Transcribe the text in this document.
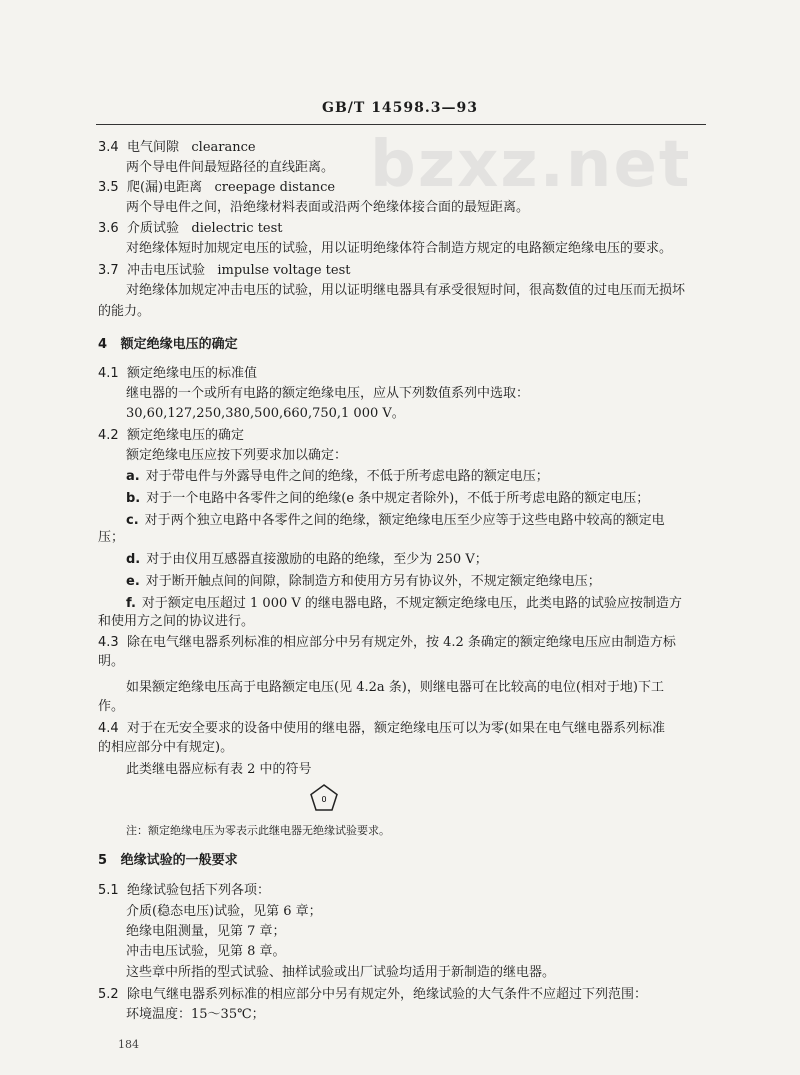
GB/T 14598.3—93
bzxz.net
3.4 电气间隙 clearance
两个导电件间最短路径的直线距离。
3.5 爬(漏)电距离 creepage distance
两个导电件之间，沿绝缘材料表面或沿两个绝缘体接合面的最短距离。
3.6 介质试验 dielectric test
对绝缘体短时加规定电压的试验，用以证明绝缘体符合制造方规定的电路额定绝缘电压的要求。
3.7 冲击电压试验 impulse voltage test
对绝缘体加规定冲击电压的试验，用以证明继电器具有承受很短时间，很高数值的过电压而无损坏
的能力。
4 额定绝缘电压的确定
4.1 额定绝缘电压的标准值
继电器的一个或所有电路的额定绝缘电压，应从下列数值系列中选取：
30,60,127,250,380,500,660,750,1 000 V。
4.2 额定绝缘电压的确定
额定绝缘电压应按下列要求加以确定：
a. 对于带电件与外露导电件之间的绝缘，不低于所考虑电路的额定电压；
b. 对于一个电路中各零件之间的绝缘(e 条中规定者除外)，不低于所考虑电路的额定电压；
c. 对于两个独立电路中各零件之间的绝缘，额定绝缘电压至少应等于这些电路中较高的额定电
压；
d. 对于由仪用互感器直接激励的电路的绝缘，至少为 250 V；
e. 对于断开触点间的间隙，除制造方和使用方另有协议外，不规定额定绝缘电压；
f. 对于额定电压超过 1 000 V 的继电器电路，不规定额定绝缘电压，此类电路的试验应按制造方
和使用方之间的协议进行。
4.3 除在电气继电器系列标准的相应部分中另有规定外，按 4.2 条确定的额定绝缘电压应由制造方标
明。
如果额定绝缘电压高于电路额定电压(见 4.2a 条)，则继电器可在比较高的电位(相对于地)下工
作。
4.4 对于在无安全要求的设备中使用的继电器，额定绝缘电压可以为零(如果在电气继电器系列标准
的相应部分中有规定)。
此类继电器应标有表 2 中的符号
0
注：额定绝缘电压为零表示此继电器无绝缘试验要求。
5 绝缘试验的一般要求
5.1 绝缘试验包括下列各项：
介质(稳态电压)试验，见第 6 章；
绝缘电阻测量，见第 7 章；
冲击电压试验，见第 8 章。
这些章中所指的型式试验、抽样试验或出厂试验均适用于新制造的继电器。
5.2 除电气继电器系列标准的相应部分中另有规定外，绝缘试验的大气条件不应超过下列范围：
环境温度：15～35℃；
184
